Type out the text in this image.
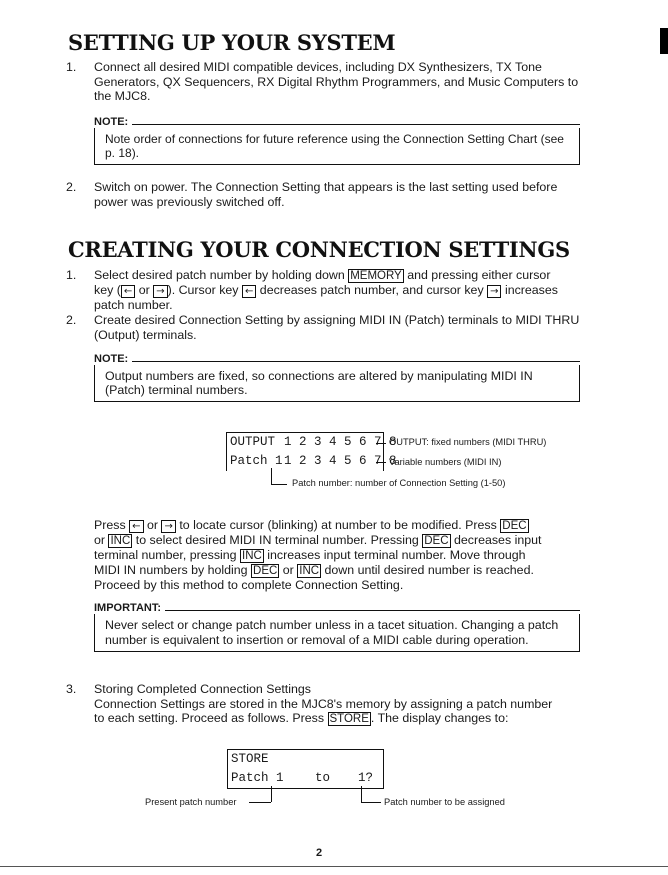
SETTING UP YOUR SYSTEM
1.	Connect all desired MIDI compatible devices, including DX Synthesizers, TX Tone Generators, QX Sequencers, RX Digital Rhythm Programmers, and Music Computers to the MJC8.
NOTE:
Note order of connections for future reference using the Connection Setting Chart (see p. 18).
2.	Switch on power. The Connection Setting that appears is the last setting used before power was previously switched off.
CREATING YOUR CONNECTION SETTINGS
1.	Select desired patch number by holding down MEMORY and pressing either cursor
key ( ← or → ). Cursor key ← decreases patch number, and cursor key → increases
patch number.
2.	Create desired Connection Setting by assigning MIDI IN (Patch) terminals to MIDI THRU (Output) terminals.
NOTE:
Output numbers are fixed, so connections are altered by manipulating MIDI IN (Patch) terminal numbers.
OUTPUT 1 2 3 4 5 6 7 8
Patch 1 1 2 3 4 5 6 7 8
OUTPUT: fixed numbers (MIDI THRU)
Variable numbers (MIDI IN)
Patch number: number of Connection Setting (1-50)
Press ← or → to locate cursor (blinking) at number to be modified. Press DEC
or INC to select desired MIDI IN terminal number. Pressing DEC decreases input
terminal number, pressing INC increases input terminal number. Move through
MIDI IN numbers by holding DEC or INC down until desired number is reached.
Proceed by this method to complete Connection Setting.
IMPORTANT:
Never select or change patch number unless in a tacet situation. Changing a patch number is equivalent to insertion or removal of a MIDI cable during operation.
3.	Storing Completed Connection Settings
Connection Settings are stored in the MJC8's memory by assigning a patch number
to each setting. Proceed as follows. Press STORE . The display changes to:
STORE
Patch 1	to 1?
Present patch number	Patch number to be assigned
2
